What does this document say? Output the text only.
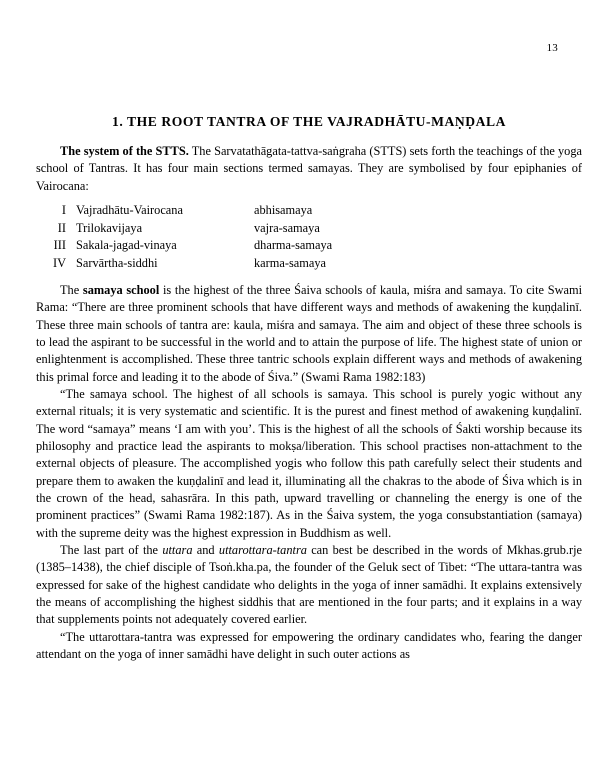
13
1. THE ROOT TANTRA OF THE VAJRADHĀTU-MAṆḌALA

The system of the STTS. The Sarvatathāgata-tattva-saṅgraha (STTS) sets forth the teachings of the yoga school of Tantras. It has four main sections termed samayas. They are symbolised by four epiphanies of Vairocana:

I Vajradhātu-Vairocana	abhisamaya
II Trilokavijaya	vajra-samaya
III Sakala-jagad-vinaya	dharma-samaya
IV Sarvārtha-siddhi	karma-samaya

The samaya school is the highest of the three Śaiva schools of kaula, miśra and samaya. To cite Swami Rama: “There are three prominent schools that have different ways and methods of awakening the kuṇḍalinī. These three main schools of tantra are: kaula, miśra and samaya. The aim and object of these three schools is to lead the aspirant to be successful in the world and to attain the purpose of life. The highest state of union or enlightenment is accomplished. These three tantric schools explain different ways and methods of awakening this primal force and leading it to the abode of Śiva.” (Swami Rama 1982:183)

“The samaya school. The highest of all schools is samaya. This school is purely yogic without any external rituals; it is very systematic and scientific. It is the purest and finest method of awakening kuṇḍalinī. The word “samaya” means ‘I am with you’. This is the highest of all the schools of Śakti worship because its philosophy and practice lead the aspirants to mokṣa/liberation. This school practises non-attachment to the external objects of pleasure. The accomplished yogis who follow this path carefully select their students and prepare them to awaken the kuṇḍalinī and lead it, illuminating all the chakras to the abode of Śiva which is in the crown of the head, sahasrāra. In this path, upward travelling or channeling the energy is one of the prominent practices” (Swami Rama 1982:187). As in the Śaiva system, the yoga consubstantiation (samaya) with the supreme deity was the highest expression in Buddhism as well.

The last part of the uttara and uttarottara-tantra can best be described in the words of Mkhas.grub.rje (1385–1438), the chief disciple of Tsoṅ.kha.pa, the founder of the Geluk sect of Tibet: “The uttara-tantra was expressed for sake of the highest candidate who delights in the yoga of inner samādhi. It explains extensively the means of accomplishing the highest siddhis that are mentioned in the four parts; and it explains in a way that supplements points not adequately covered earlier.

“The uttarottara-tantra was expressed for empowering the ordinary candidates who, fearing the danger attendant on the yoga of inner samādhi have delight in such outer actions as
